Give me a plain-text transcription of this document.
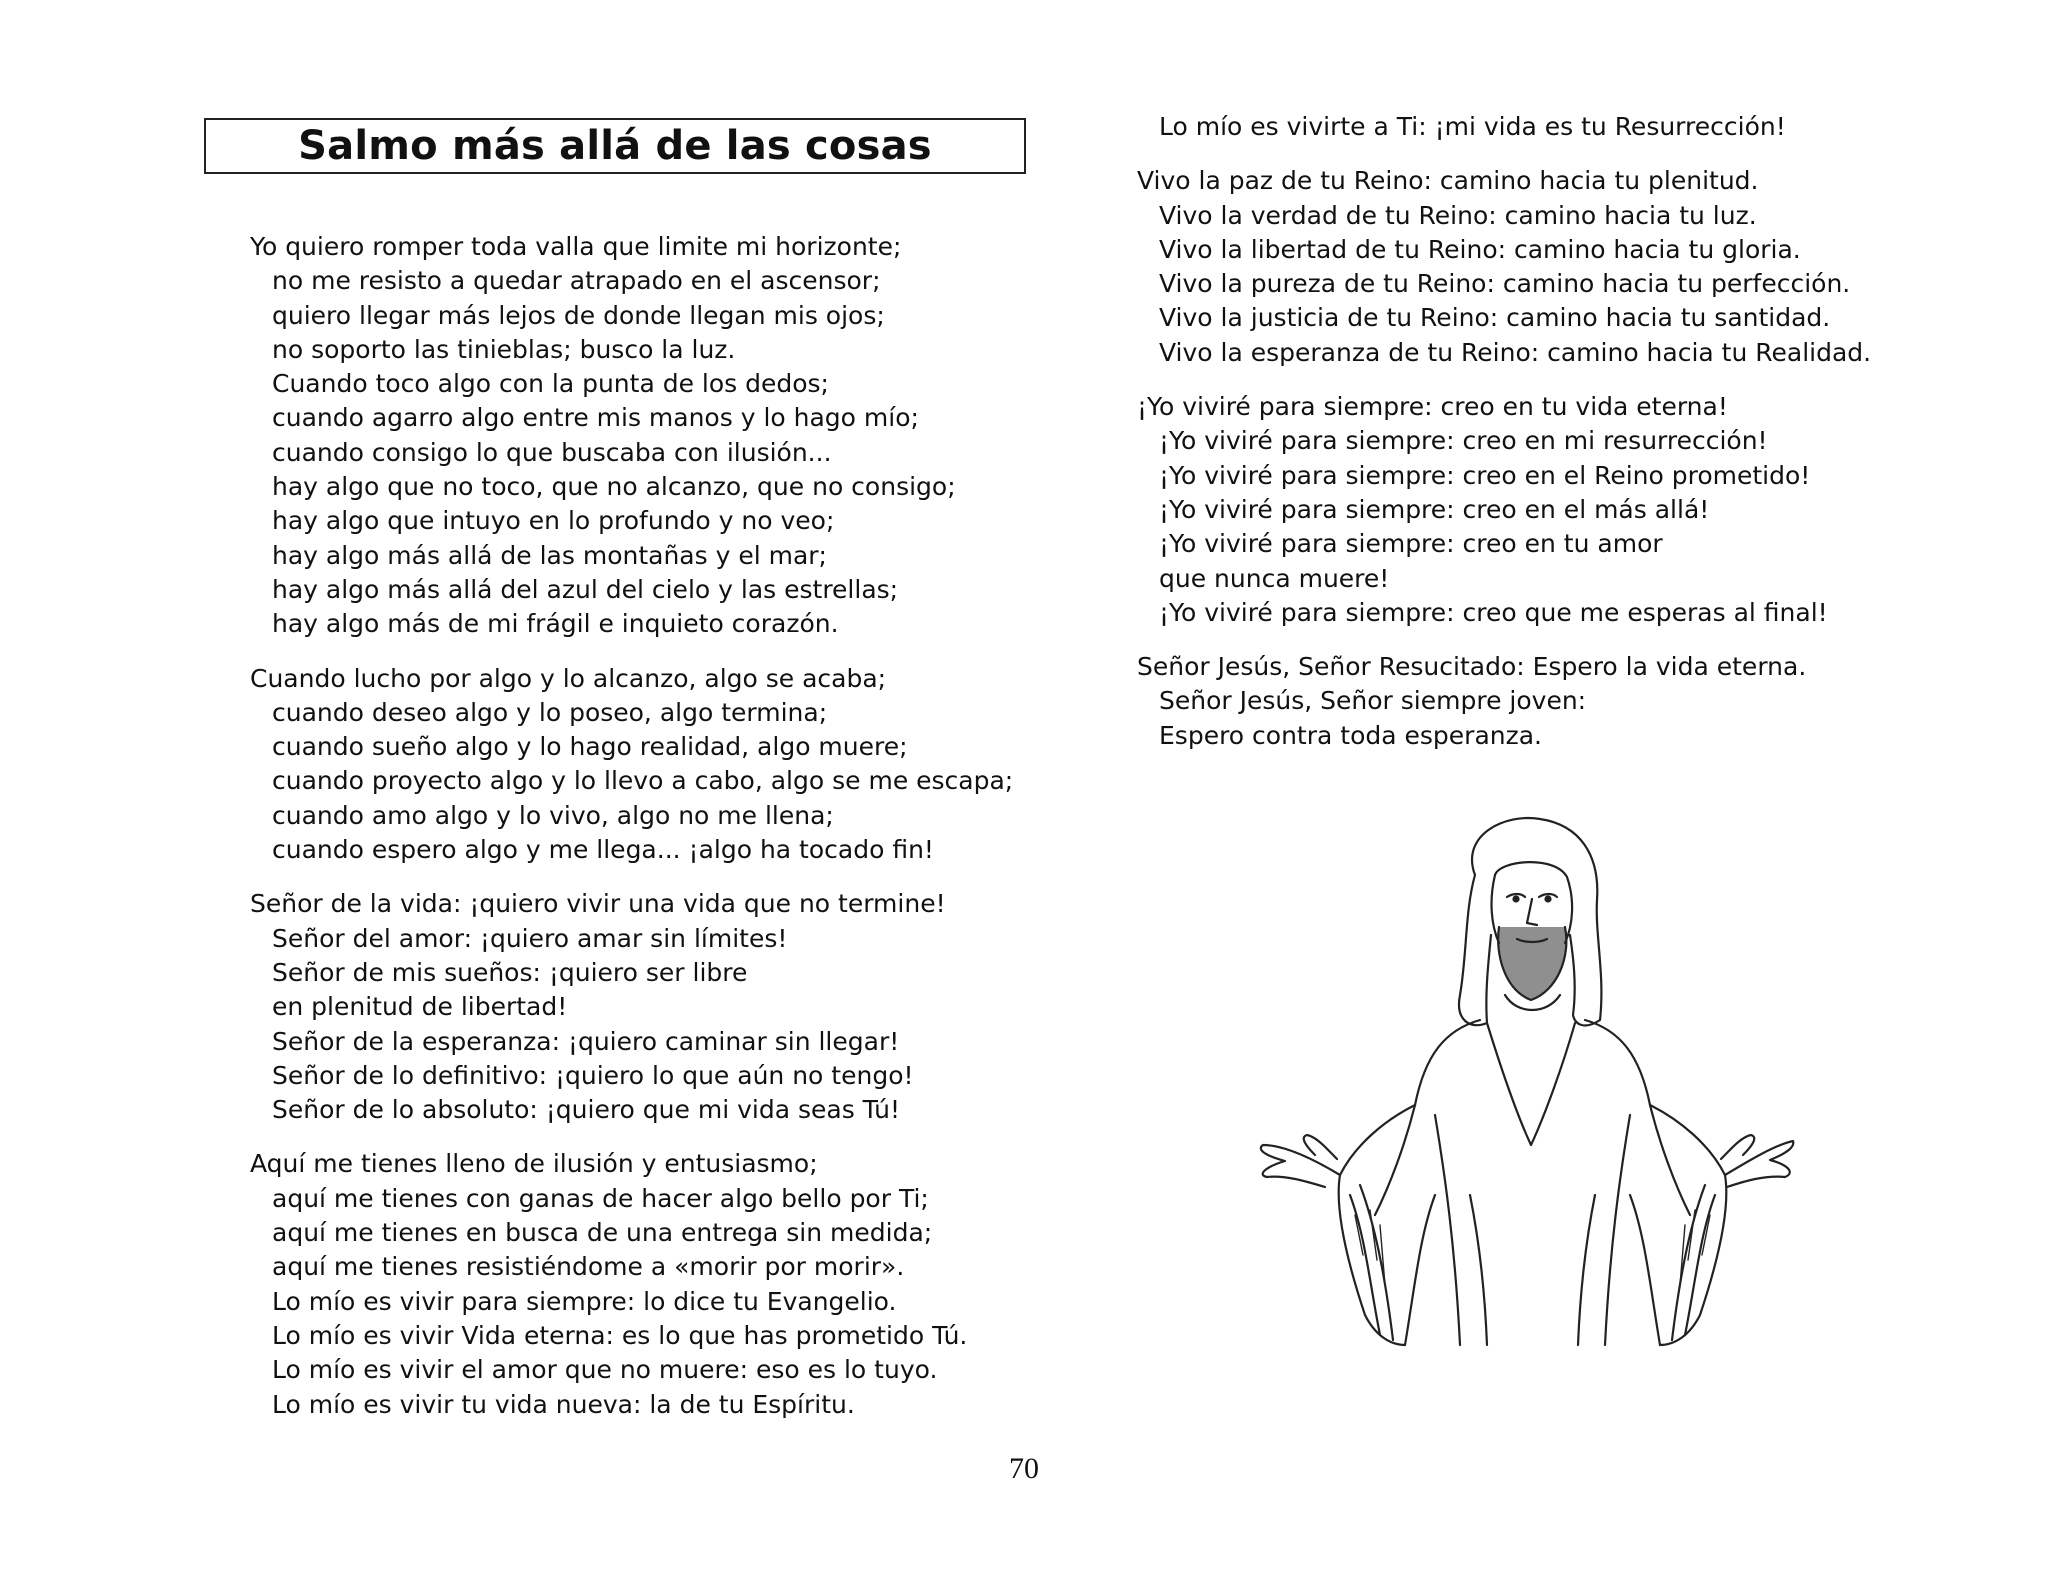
Salmo más allá de las cosas
Yo quiero romper toda valla que limite mi horizonte;
no me resisto a quedar atrapado en el ascensor;
quiero llegar más lejos de donde llegan mis ojos;
no soporto las tinieblas; busco la luz.
Cuando toco algo con la punta de los dedos;
cuando agarro algo entre mis manos y lo hago mío;
cuando consigo lo que buscaba con ilusión...
hay algo que no toco, que no alcanzo, que no consigo;
hay algo que intuyo en lo profundo y no veo;
hay algo más allá de las montañas y el mar;
hay algo más allá del azul del cielo y las estrellas;
hay algo más de mi frágil e inquieto corazón.
Cuando lucho por algo y lo alcanzo, algo se acaba;
cuando deseo algo y lo poseo, algo termina;
cuando sueño algo y lo hago realidad, algo muere;
cuando proyecto algo y lo llevo a cabo, algo se me escapa;
cuando amo algo y lo vivo, algo no me llena;
cuando espero algo y me llega... ¡algo ha tocado fin!
Señor de la vida: ¡quiero vivir una vida que no termine!
Señor del amor: ¡quiero amar sin límites!
Señor de mis sueños: ¡quiero ser libre
en plenitud de libertad!
Señor de la esperanza: ¡quiero caminar sin llegar!
Señor de lo definitivo: ¡quiero lo que aún no tengo!
Señor de lo absoluto: ¡quiero que mi vida seas Tú!
Aquí me tienes lleno de ilusión y entusiasmo;
aquí me tienes con ganas de hacer algo bello por Ti;
aquí me tienes en busca de una entrega sin medida;
aquí me tienes resistiéndome a «morir por morir».
Lo mío es vivir para siempre: lo dice tu Evangelio.
Lo mío es vivir Vida eterna: es lo que has prometido Tú.
Lo mío es vivir el amor que no muere: eso es lo tuyo.
Lo mío es vivir tu vida nueva: la de tu Espíritu.
Lo mío es vivirte a Ti: ¡mi vida es tu Resurrección!
Vivo la paz de tu Reino: camino hacia tu plenitud.
Vivo la verdad de tu Reino: camino hacia tu luz.
Vivo la libertad de tu Reino: camino hacia tu gloria.
Vivo la pureza de tu Reino: camino hacia tu perfección.
Vivo la justicia de tu Reino: camino hacia tu santidad.
Vivo la esperanza de tu Reino: camino hacia tu Realidad.
¡Yo viviré para siempre: creo en tu vida eterna!
¡Yo viviré para siempre: creo en mi resurrección!
¡Yo viviré para siempre: creo en el Reino prometido!
¡Yo viviré para siempre: creo en el más allá!
¡Yo viviré para siempre: creo en tu amor
que nunca muere!
¡Yo viviré para siempre: creo que me esperas al final!
Señor Jesús, Señor Resucitado: Espero la vida eterna.
Señor Jesús, Señor siempre joven:
Espero contra toda esperanza.
70
